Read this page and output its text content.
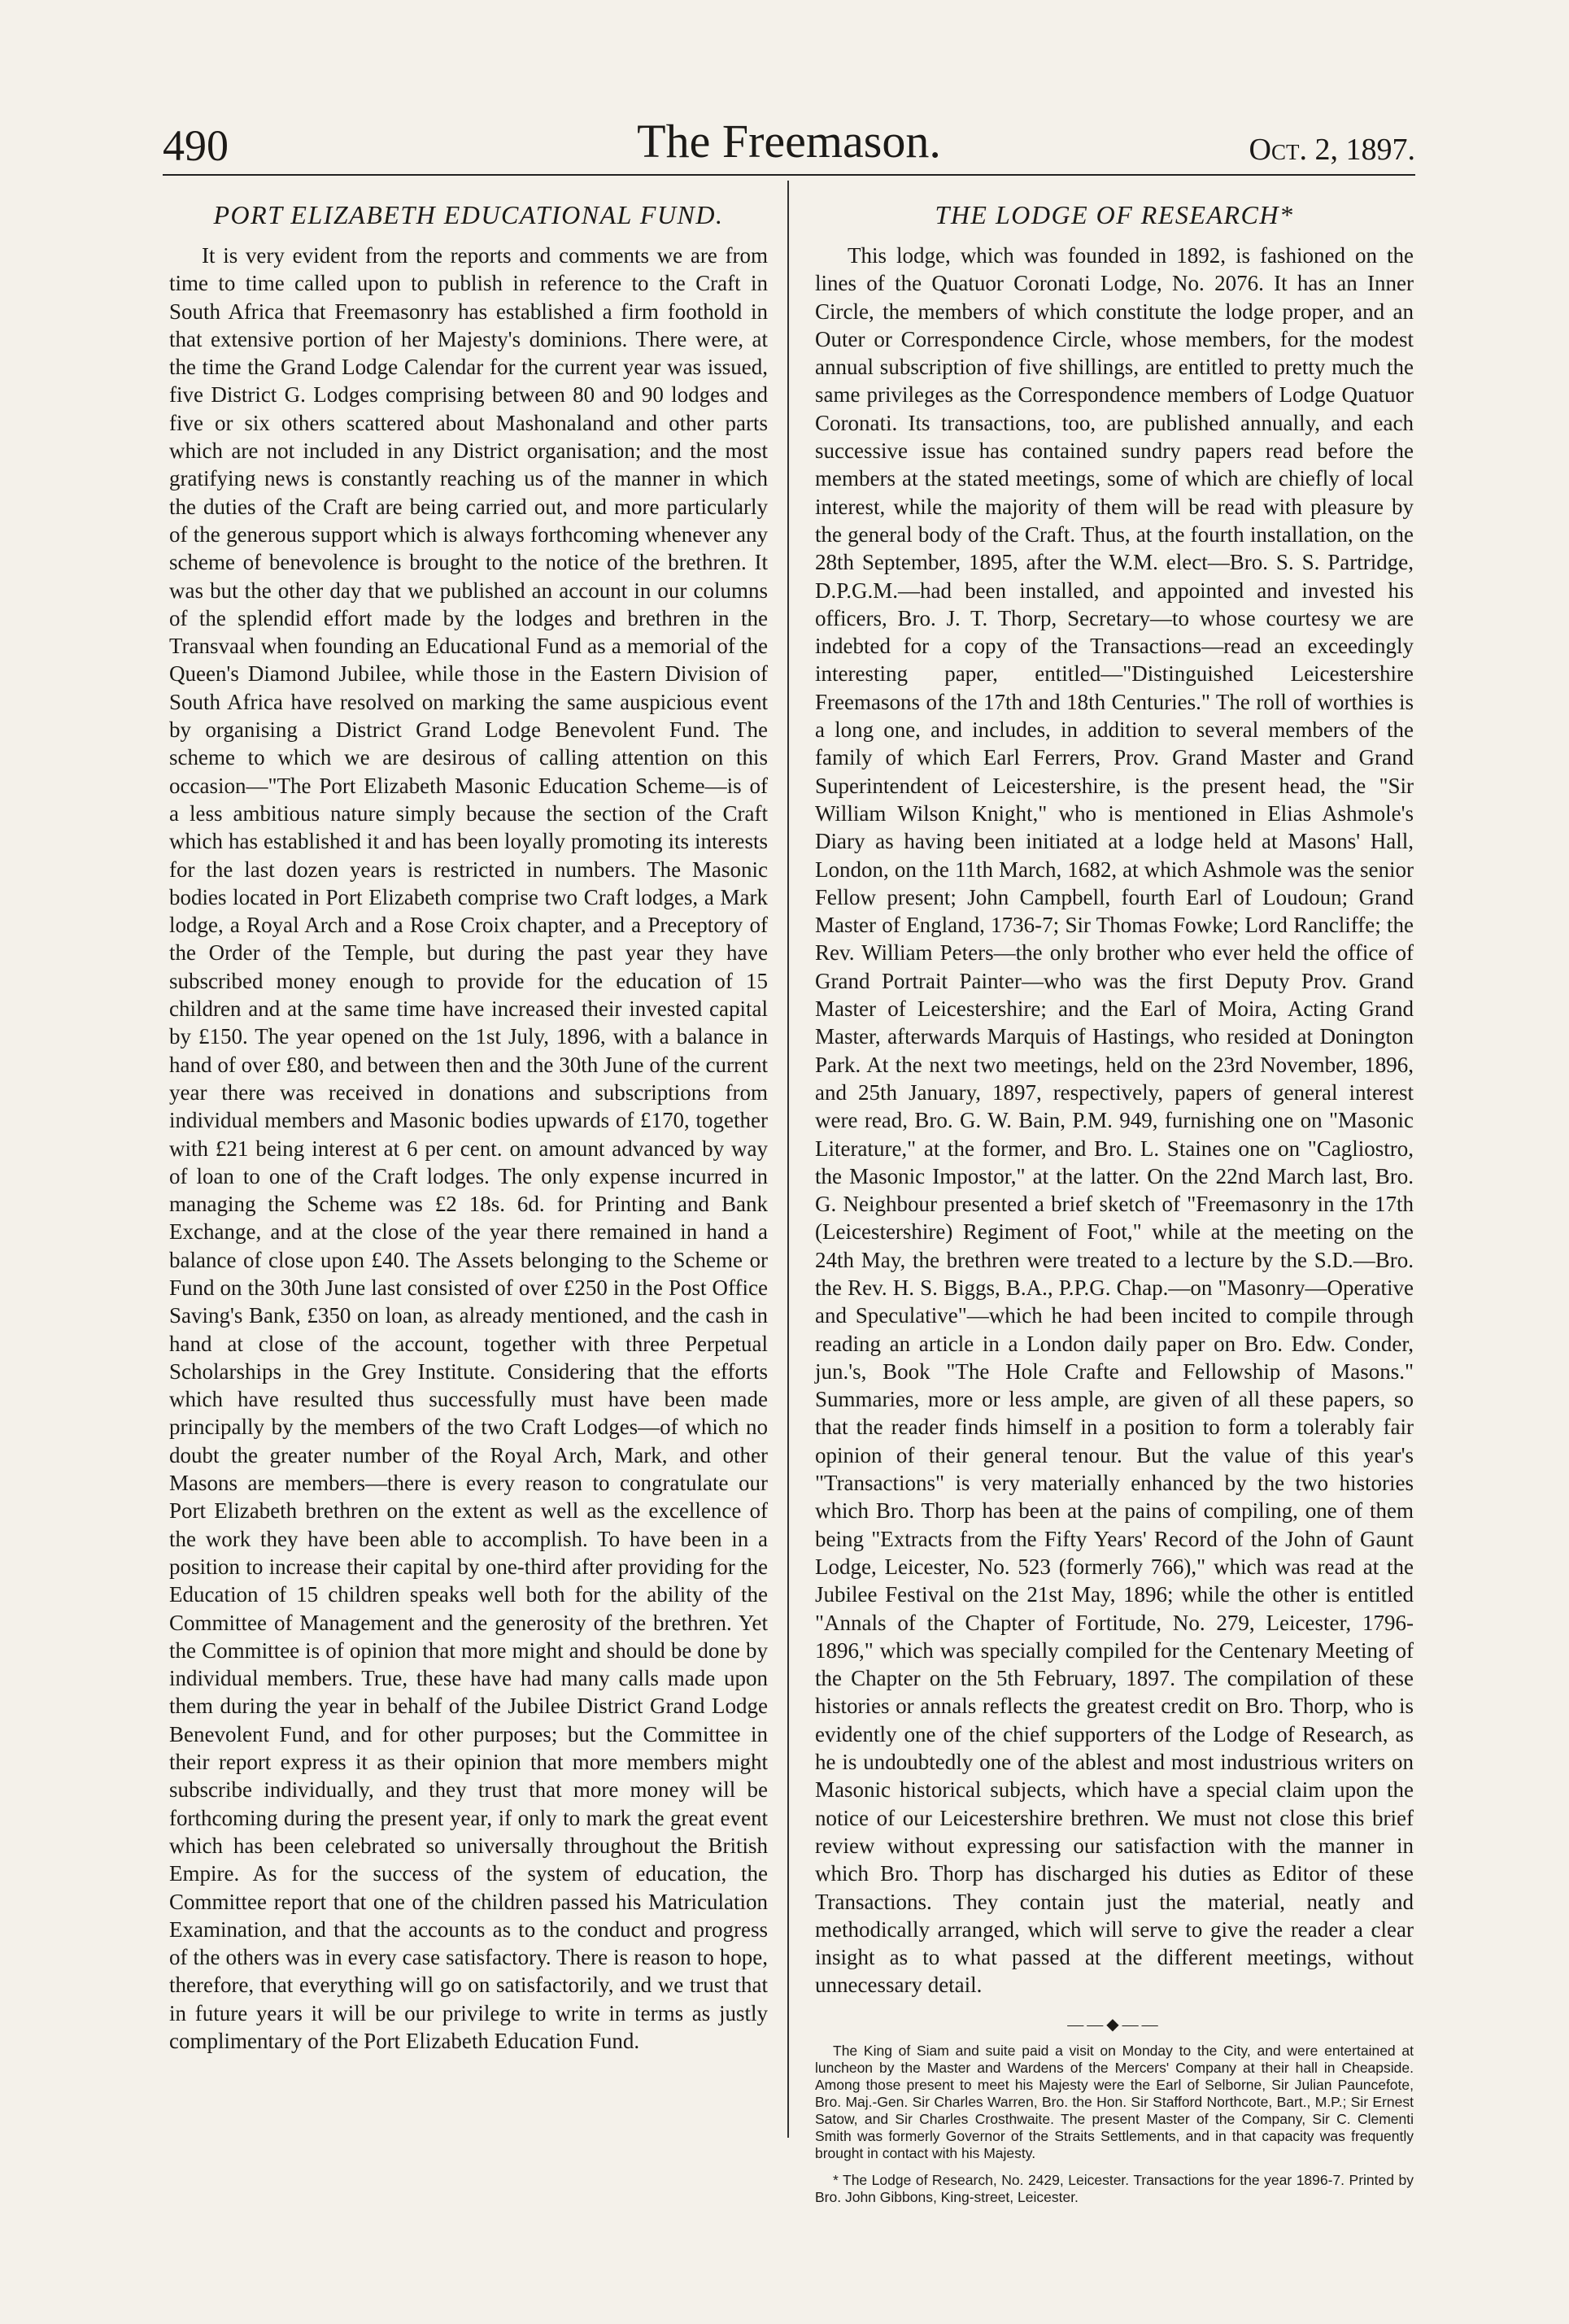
490	The Freemason.	Oct. 2, 1897.
PORT ELIZABETH EDUCATIONAL FUND.

It is very evident from the reports and comments we are from time to time called upon to publish in reference to the Craft in South Africa that Freemasonry has established a firm foothold in that extensive portion of her Majesty's dominions. There were, at the time the Grand Lodge Calendar for the current year was issued, five District G. Lodges comprising between 80 and 90 lodges and five or six others scattered about Mashonaland and other parts which are not included in any District organisation; and the most gratifying news is constantly reaching us of the manner in which the duties of the Craft are being carried out, and more particularly of the generous support which is always forthcoming whenever any scheme of benevolence is brought to the notice of the brethren. It was but the other day that we published an account in our columns of the splendid effort made by the lodges and brethren in the Transvaal when founding an Educational Fund as a memorial of the Queen's Diamond Jubilee, while those in the Eastern Division of South Africa have resolved on marking the same auspicious event by organising a District Grand Lodge Benevolent Fund. The scheme to which we are desirous of calling attention on this occasion—"The Port Elizabeth Masonic Education Scheme—is of a less ambitious nature simply because the section of the Craft which has established it and has been loyally promoting its interests for the last dozen years is restricted in numbers. The Masonic bodies located in Port Elizabeth comprise two Craft lodges, a Mark lodge, a Royal Arch and a Rose Croix chapter, and a Preceptory of the Order of the Temple, but during the past year they have subscribed money enough to provide for the education of 15 children and at the same time have increased their invested capital by £150. The year opened on the 1st July, 1896, with a balance in hand of over £80, and between then and the 30th June of the current year there was received in donations and subscriptions from individual members and Masonic bodies upwards of £170, together with £21 being interest at 6 per cent. on amount advanced by way of loan to one of the Craft lodges. The only expense incurred in managing the Scheme was £2 18s. 6d. for Printing and Bank Exchange, and at the close of the year there remained in hand a balance of close upon £40. The Assets belonging to the Scheme or Fund on the 30th June last consisted of over £250 in the Post Office Saving's Bank, £350 on loan, as already mentioned, and the cash in hand at close of the account, together with three Perpetual Scholarships in the Grey Institute. Considering that the efforts which have resulted thus successfully must have been made principally by the members of the two Craft Lodges—of which no doubt the greater number of the Royal Arch, Mark, and other Masons are members—there is every reason to congratulate our Port Elizabeth brethren on the extent as well as the excellence of the work they have been able to accomplish. To have been in a position to increase their capital by one-third after providing for the Education of 15 children speaks well both for the ability of the Committee of Management and the generosity of the brethren. Yet the Committee is of opinion that more might and should be done by individual members. True, these have had many calls made upon them during the year in behalf of the Jubilee District Grand Lodge Benevolent Fund, and for other purposes; but the Committee in their report express it as their opinion that more members might subscribe individually, and they trust that more money will be forthcoming during the present year, if only to mark the great event which has been celebrated so universally throughout the British Empire. As for the success of the system of education, the Committee report that one of the children passed his Matriculation Examination, and that the accounts as to the conduct and progress of the others was in every case satisfactory. There is reason to hope, therefore, that everything will go on satisfactorily, and we trust that in future years it will be our privilege to write in terms as justly complimentary of the Port Elizabeth Education Fund.

THE LODGE OF RESEARCH*

This lodge, which was founded in 1892, is fashioned on the lines of the Quatuor Coronati Lodge, No. 2076. It has an Inner Circle, the members of which constitute the lodge proper, and an Outer or Correspondence Circle, whose members, for the modest annual subscription of five shillings, are entitled to pretty much the same privileges as the Correspondence members of Lodge Quatuor Coronati. Its transactions, too, are published annually, and each successive issue has contained sundry papers read before the members at the stated meetings, some of which are chiefly of local interest, while the majority of them will be read with pleasure by the general body of the Craft. Thus, at the fourth installation, on the 28th September, 1895, after the W.M. elect—Bro. S. S. Partridge, D.P.G.M.—had been installed, and appointed and invested his officers, Bro. J. T. Thorp, Secretary—to whose courtesy we are indebted for a copy of the Transactions—read an exceedingly interesting paper, entitled—"Distinguished Leicestershire Freemasons of the 17th and 18th Centuries." The roll of worthies is a long one, and includes, in addition to several members of the family of which Earl Ferrers, Prov. Grand Master and Grand Superintendent of Leicestershire, is the present head, the "Sir William Wilson Knight," who is mentioned in Elias Ashmole's Diary as having been initiated at a lodge held at Masons' Hall, London, on the 11th March, 1682, at which Ashmole was the senior Fellow present; John Campbell, fourth Earl of Loudoun; Grand Master of England, 1736-7; Sir Thomas Fowke; Lord Rancliffe; the Rev. William Peters—the only brother who ever held the office of Grand Portrait Painter—who was the first Deputy Prov. Grand Master of Leicestershire; and the Earl of Moira, Acting Grand Master, afterwards Marquis of Hastings, who resided at Donington Park. At the next two meetings, held on the 23rd November, 1896, and 25th January, 1897, respectively, papers of general interest were read, Bro. G. W. Bain, P.M. 949, furnishing one on "Masonic Literature," at the former, and Bro. L. Staines one on "Cagliostro, the Masonic Impostor," at the latter. On the 22nd March last, Bro. G. Neighbour presented a brief sketch of "Freemasonry in the 17th (Leicestershire) Regiment of Foot," while at the meeting on the 24th May, the brethren were treated to a lecture by the S.D.—Bro. the Rev. H. S. Biggs, B.A., P.P.G. Chap.—on "Masonry—Operative and Speculative"—which he had been incited to compile through reading an article in a London daily paper on Bro. Edw. Conder, jun.'s, Book "The Hole Crafte and Fellowship of Masons." Summaries, more or less ample, are given of all these papers, so that the reader finds himself in a position to form a tolerably fair opinion of their general tenour. But the value of this year's "Transactions" is very materially enhanced by the two histories which Bro. Thorp has been at the pains of compiling, one of them being "Extracts from the Fifty Years' Record of the John of Gaunt Lodge, Leicester, No. 523 (formerly 766)," which was read at the Jubilee Festival on the 21st May, 1896; while the other is entitled "Annals of the Chapter of Fortitude, No. 279, Leicester, 1796-1896," which was specially compiled for the Centenary Meeting of the Chapter on the 5th February, 1897. The compilation of these histories or annals reflects the greatest credit on Bro. Thorp, who is evidently one of the chief supporters of the Lodge of Research, as he is undoubtedly one of the ablest and most industrious writers on Masonic historical subjects, which have a special claim upon the notice of our Leicestershire brethren. We must not close this brief review without expressing our satisfaction with the manner in which Bro. Thorp has discharged his duties as Editor of these Transactions. They contain just the material, neatly and methodically arranged, which will serve to give the reader a clear insight as to what passed at the different meetings, without unnecessary detail.

——◆——

The King of Siam and suite paid a visit on Monday to the City, and were entertained at luncheon by the Master and Wardens of the Mercers' Company at their hall in Cheapside. Among those present to meet his Majesty were the Earl of Selborne, Sir Julian Pauncefote, Bro. Maj.-Gen. Sir Charles Warren, Bro. the Hon. Sir Stafford Northcote, Bart., M.P.; Sir Ernest Satow, and Sir Charles Crosthwaite. The present Master of the Company, Sir C. Clementi Smith was formerly Governor of the Straits Settlements, and in that capacity was frequently brought in contact with his Majesty.

* The Lodge of Research, No. 2429, Leicester. Transactions for the year 1896-7. Printed by Bro. John Gibbons, King-street, Leicester.
